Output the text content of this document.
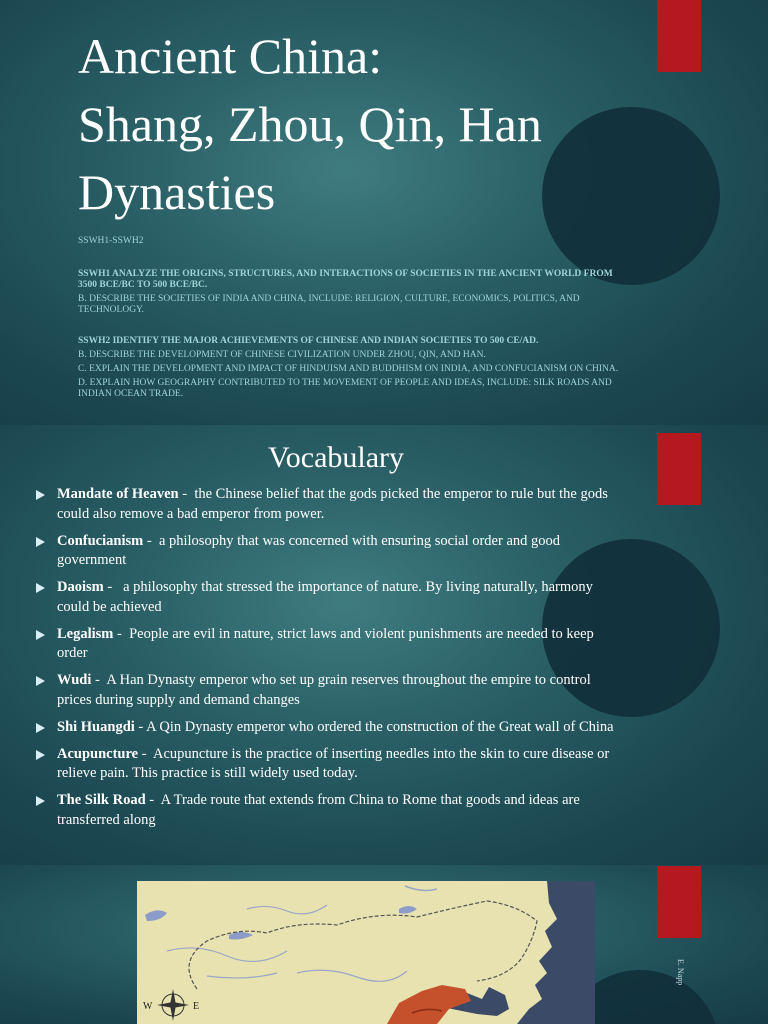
Ancient China:
Shang, Zhou, Qin, Han
Dynasties

SSWH1-SSWH2

SSWH1 ANALYZE THE ORIGINS, STRUCTURES, AND INTERACTIONS OF SOCIETIES IN THE ANCIENT WORLD FROM 3500 BCE/BC TO 500 BCE/BC.

B. DESCRIBE THE SOCIETIES OF INDIA AND CHINA, INCLUDE: RELIGION, CULTURE, ECONOMICS, POLITICS, AND TECHNOLOGY.

SSWH2 IDENTIFY THE MAJOR ACHIEVEMENTS OF CHINESE AND INDIAN SOCIETIES TO 500 CE/AD.

B. DESCRIBE THE DEVELOPMENT OF CHINESE CIVILIZATION UNDER ZHOU, QIN, AND HAN.

C. EXPLAIN THE DEVELOPMENT AND IMPACT OF HINDUISM AND BUDDHISM ON INDIA, AND CONFUCIANISM ON CHINA.

D. EXPLAIN HOW GEOGRAPHY CONTRIBUTED TO THE MOVEMENT OF PEOPLE AND IDEAS, INCLUDE: SILK ROADS AND INDIAN OCEAN TRADE.

Vocabulary
Mandate of Heaven -  the Chinese belief that the gods picked the emperor to rule but the gods could also remove a bad emperor from power.
Confucianism -  a philosophy that was concerned with ensuring social order and good government
Daoism -   a philosophy that stressed the importance of nature. By living naturally, harmony could be achieved
Legalism -  People are evil in nature, strict laws and violent punishments are needed to keep order
Wudi -  A Han Dynasty emperor who set up grain reserves throughout the empire to control prices during supply and demand changes
Shi Huangdi - A Qin Dynasty emperor who ordered the construction of the Great wall of China
Acupuncture -  Acupuncture is the practice of inserting needles into the skin to cure disease or relieve pain. This practice is still widely used today.
The Silk Road -  A Trade route that extends from China to Rome that goods and ideas are transferred along
E. Napp
W	E
